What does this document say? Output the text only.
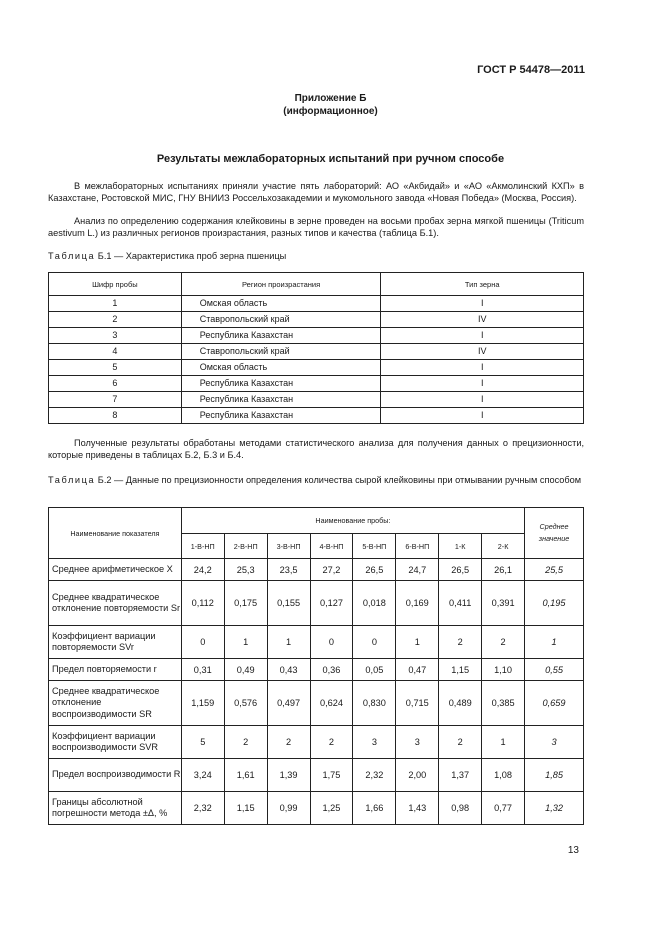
ГОСТ Р 54478—2011
Приложение Б
(информационное)
Результаты межлабораторных испытаний при ручном способе

В межлабораторных испытаниях приняли участие пять лабораторий: АО «Акбидай» и «АО «Акмолинский КХП» в Казахстане, Ростовской МИС, ГНУ ВНИИЗ Россельхозакадемии и мукомольного завода «Новая Победа» (Москва, Россия).

Анализ по определению содержания клейковины в зерне проведен на восьми пробах зерна мягкой пшеницы (Triticum aestivum L.) из различных регионов произрастания, разных типов и качества (таблица Б.1).

Таблица Б.1 — Характеристика проб зерна пшеницы
Шифр пробы	Регион произрастания	Тип зерна
1	Омская область	I
2	Ставропольский край	IV
3	Республика Казахстан	I
4	Ставропольский край	IV
5	Омская область	I
6	Республика Казахстан	I
7	Республика Казахстан	I
8	Республика Казахстан	I

Полученные результаты обработаны методами статистического анализа для получения данных о прецизионности, которые приведены в таблицах Б.2, Б.3 и Б.4.

Таблица Б.2 — Данные по прецизионности определения количества сырой клейковины при отмывании ручным способом
Наименование показателя	Наименование пробы:								Среднее значение
	1-В-НП	2-В-НП	3-В-НП	4-В-НП	5-В-НП	6-В-НП	1-К	2-К	
Среднее арифметическое X	24,2	25,3	23,5	27,2	26,5	24,7	26,5	26,1	25,5
Среднее квадратическое отклонение повторяемости Sr	0,112	0,175	0,155	0,127	0,018	0,169	0,411	0,391	0,195
Коэффициент вариации повторяемости SVr	0	1	1	0	0	1	2	2	1
Предел повторяемости r	0,31	0,49	0,43	0,36	0,05	0,47	1,15	1,10	0,55
Среднее квадратическое отклонение воспроизводимости SR	1,159	0,576	0,497	0,624	0,830	0,715	0,489	0,385	0,659
Коэффициент вариации воспроизводимости SVR	5	2	2	2	3	3	2	1	3
Предел воспроизводимости R	3,24	1,61	1,39	1,75	2,32	2,00	1,37	1,08	1,85
Границы абсолютной погрешности метода ±Δ, %	2,32	1,15	0,99	1,25	1,66	1,43	0,98	0,77	1,32
13
